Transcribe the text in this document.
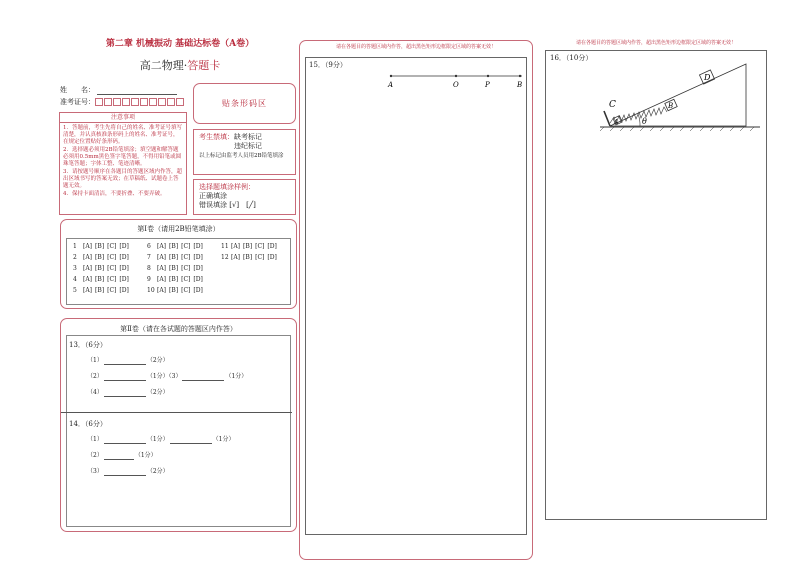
第二章 机械振动 基础达标卷（A卷）
高二物理·答题卡
姓　　名：
准考证号：	贴条形码区
注意事项
1．答题前，考生先将自己的姓名、准考证号填写清楚，并认真核准条形码上的姓名、准考证号，在规定位置贴好条形码。
2．选择题必须用2B铅笔填涂；填空题和解答题必须用0.5mm黑色签字笔答题，不得用铅笔或圆珠笔答题；字体工整、笔迹清晰。
3．请按题号顺序在各题目的答题区域内作答，超出区域书写的答案无效；在草稿纸、试题卷上答题无效。
4．保持卡面清洁，不要折叠、不要弄破。
考生禁填： 缺考标记
违纪标记
以上标记由监考人员用2B铅笔填涂
选择题填涂样例：
正确填涂
错误填涂 [√]　[╱]
第Ⅰ卷（请用2B铅笔填涂）
1 [A] [B] [C] [D]
2 [A] [B] [C] [D]
3 [A] [B] [C] [D]
4 [A] [B] [C] [D]
5 [A] [B] [C] [D]
6 [A] [B] [C] [D]
7 [A] [B] [C] [D]
8 [A] [B] [C] [D]
9 [A] [B] [C] [D]
10 [A] [B] [C] [D]
11 [A] [B] [C] [D]
12 [A] [B] [C] [D]
第Ⅱ卷（请在各试题的答题区内作答）
13．（6分）
（1）	（2分）
（2）	（1分）（3）	（1分）
（4）	（2分）
14．（6分）
（1）	（1分）	（1分）
（2）	（1分）
（3）	（2分）
请在各题目的答题区域内作答，超出黑色矩形边框限定区域的答案无效！
15．（9分）
A	O	P	B
请在各题目的答题区域内作答，超出黑色矩形边框限定区域的答案无效！
16．（10分）
C
A
B
D
θ
